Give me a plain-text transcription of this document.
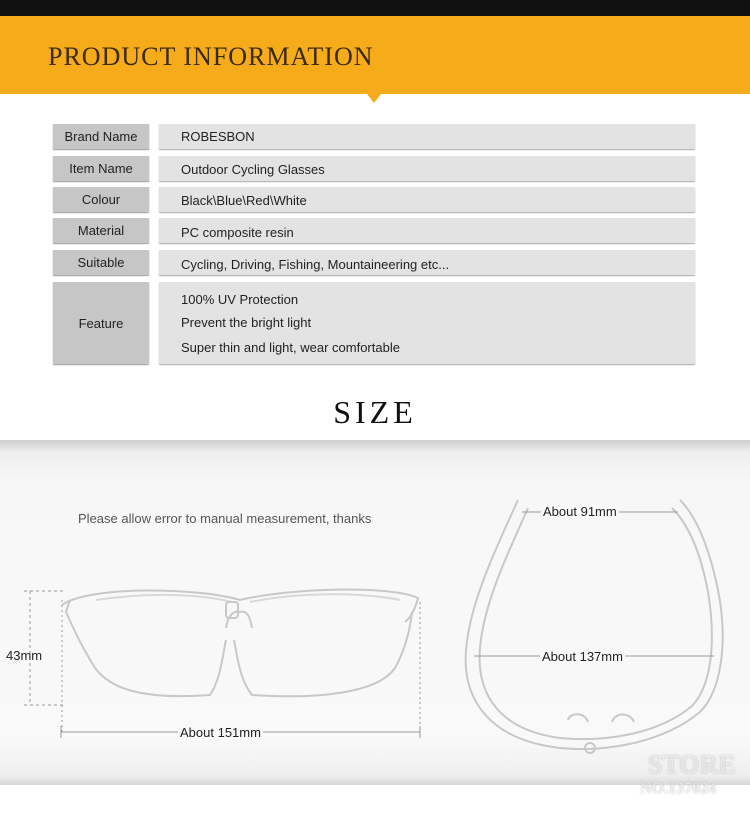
PRODUCT INFORMATION
Brand Name	ROBESBON
Item Name	Outdoor Cycling Glasses
Colour	Black\Blue\Red\White
Material	PC composite resin
Suitable	Cycling, Driving, Fishing, Mountaineering etc...
Feature
100% UV Protection
Prevent the bright light
Super thin and light, wear comfortable
SIZE
Please allow error to manual measurement, thanks
43mm
About 151mm
About 91mm
About 137mm
STORE
NO.137024
